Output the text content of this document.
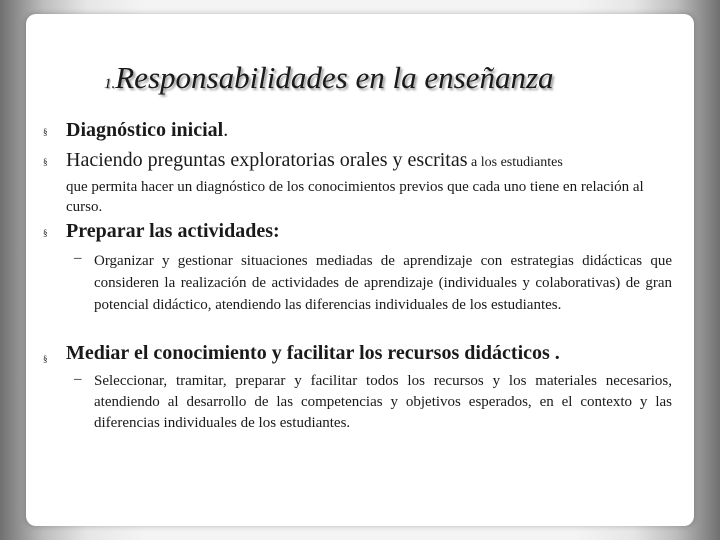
1.Responsabilidades en la enseñanza
§ Diagnóstico inicial.
§ Haciendo preguntas exploratorias orales y escritas a los estudiantes
que permita hacer un diagnóstico de los conocimientos previos que cada uno tiene en relación al curso.
§ Preparar las actividades:
– Organizar y gestionar situaciones mediadas de aprendizaje con estrategias didácticas que consideren la realización de actividades de aprendizaje (individuales y colaborativas) de gran potencial didáctico, atendiendo las diferencias individuales de los estudiantes.
§ Mediar el conocimiento y facilitar los recursos didácticos .
– Seleccionar, tramitar, preparar y facilitar todos los recursos y los materiales necesarios, atendiendo al desarrollo de las competencias y objetivos esperados, en el contexto y las diferencias individuales de los estudiantes.
